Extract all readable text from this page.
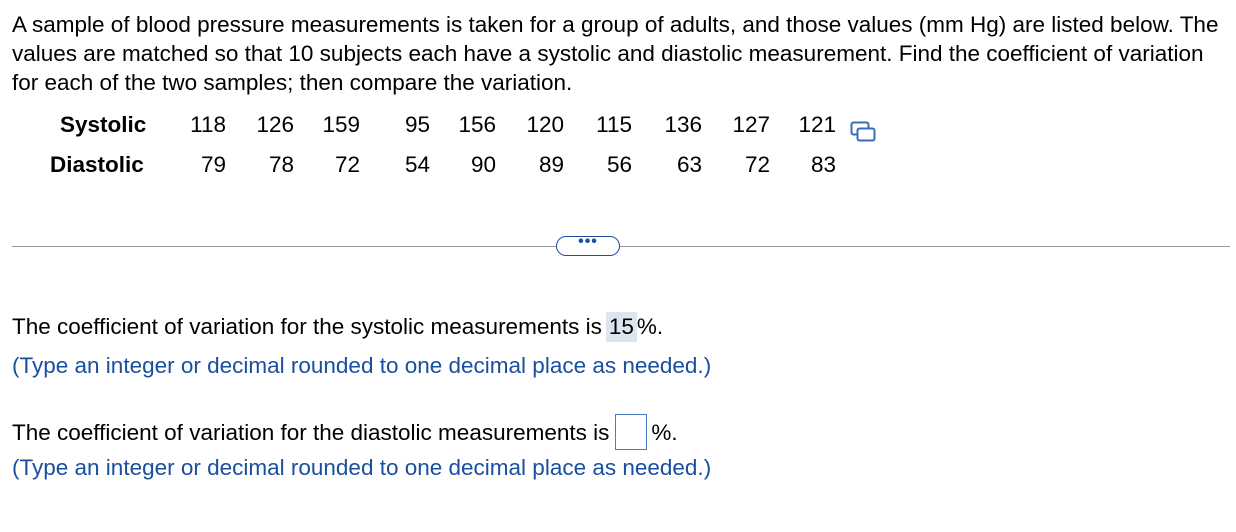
A sample of blood pressure measurements is taken for a group of adults, and those values (mm Hg) are listed below. The values are matched so that 10 subjects each have a systolic and diastolic measurement. Find the coefficient of variation for each of the two samples; then compare the variation.
Systolic	118	126	159	95	156	120	115	136	127	121
Diastolic	79	78	72	54	90	89	56	63	72	83
•••
The coefficient of variation for the systolic measurements is 15 %.
(Type an integer or decimal rounded to one decimal place as needed.)
The coefficient of variation for the diastolic measurements is %.
(Type an integer or decimal rounded to one decimal place as needed.)
